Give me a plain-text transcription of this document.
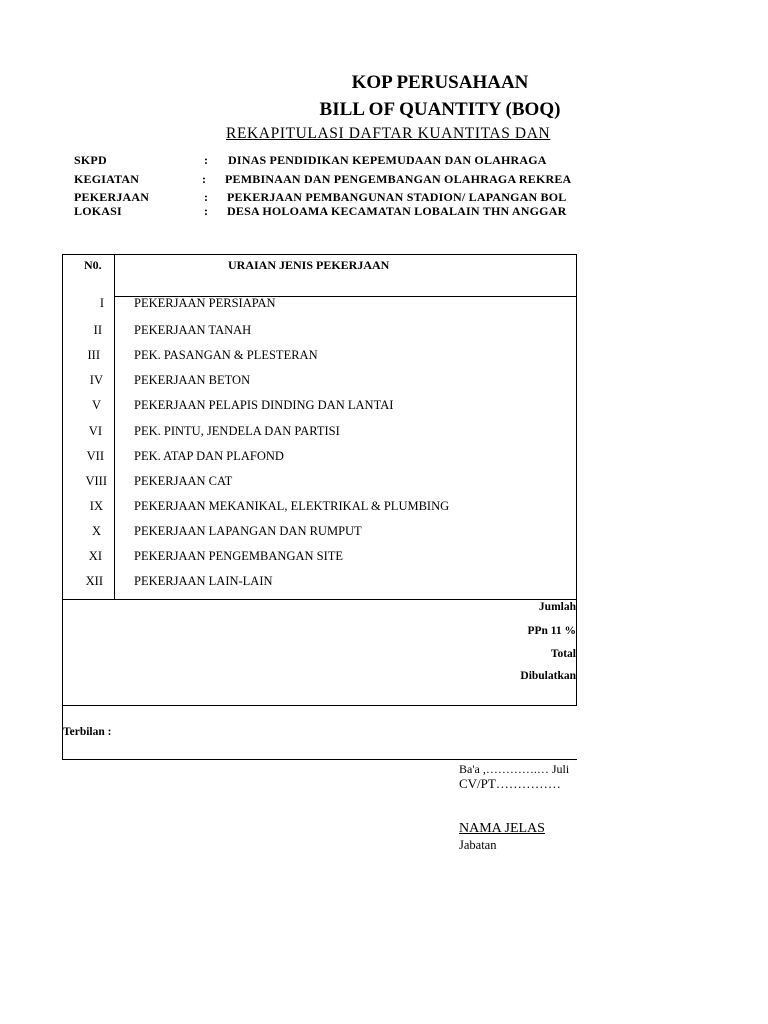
KOP PERUSAHAAN
BILL OF QUANTITY (BOQ)
REKAPITULASI DAFTAR KUANTITAS DAN
SKPD	: DINAS PENDIDIKAN KEPEMUDAAN DAN OLAHRAGA
KEGIATAN	: PEMBINAAN DAN PENGEMBANGAN OLAHRAGA REKREA
PEKERJAAN	: PEKERJAAN PEMBANGUNAN STADION/ LAPANGAN BOL
LOKASI	: DESA HOLOAMA KECAMATAN LOBALAIN THN ANGGAR
N0.	URAIAN JENIS PEKERJAAN
I PEKERJAAN PERSIAPAN
II	PEKERJAAN TANAH
III	PEK. PASANGAN & PLESTERAN
IV PEKERJAAN BETON
V	PEKERJAAN PELAPIS DINDING DAN LANTAI
VI	PEK. PINTU, JENDELA DAN PARTISI
VII PEK. ATAP DAN PLAFOND
VIII PEKERJAAN CAT
IX PEKERJAAN MEKANIKAL, ELEKTRIKAL & PLUMBING
X	PEKERJAAN LAPANGAN DAN RUMPUT
XI	PEKERJAAN PENGEMBANGAN SITE
XII PEKERJAAN LAIN-LAIN
Jumlah
PPn 11 %
Total
Dibulatkan
Terbilan :
Ba'a ,………….… Juli
CV/PT……………
NAMA JELAS
Jabatan
